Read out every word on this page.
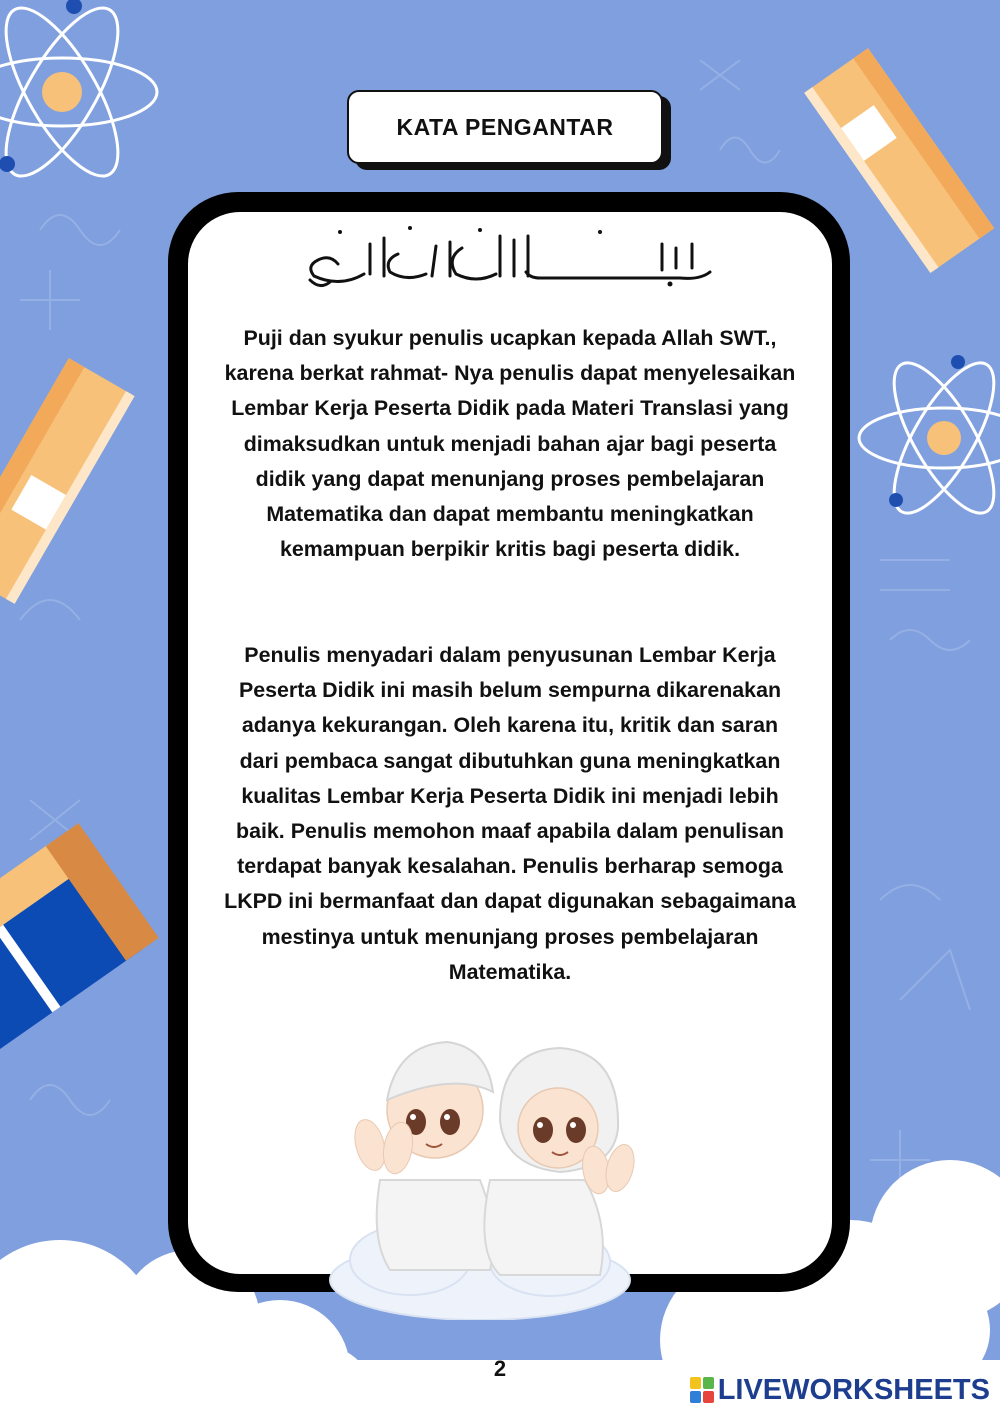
KATA PENGANTAR

Puji dan syukur penulis ucapkan kepada Allah SWT., karena berkat rahmat- Nya penulis dapat menyelesaikan Lembar Kerja Peserta Didik pada Materi Translasi yang dimaksudkan untuk menjadi bahan ajar bagi peserta didik yang dapat menunjang proses pembelajaran Matematika dan dapat membantu meningkatkan kemampuan berpikir kritis bagi peserta didik.

Penulis menyadari dalam penyusunan Lembar Kerja Peserta Didik ini masih belum sempurna dikarenakan adanya kekurangan. Oleh karena itu, kritik dan saran dari pembaca sangat dibutuhkan guna meningkatkan kualitas Lembar Kerja Peserta Didik ini menjadi lebih baik. Penulis memohon maaf apabila dalam penulisan terdapat banyak kesalahan. Penulis berharap semoga LKPD ini bermanfaat dan dapat digunakan sebagaimana mestinya untuk menunjang proses pembelajaran Matematika.

2
LIVEWORKSHEETS
